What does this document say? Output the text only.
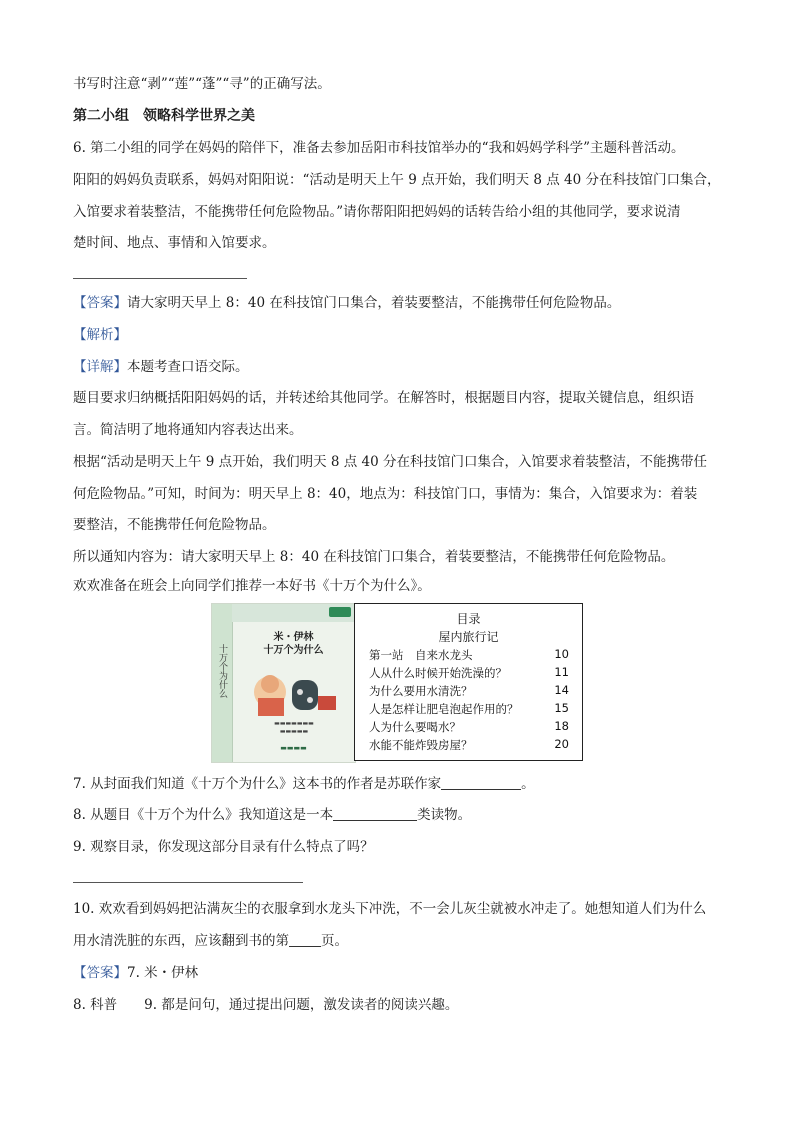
书写时注意“剥”“莲”“蓬”“寻”的正确写法。
第二小组　领略科学世界之美
6. 第二小组的同学在妈妈的陪伴下，准备去参加岳阳市科技馆举办的“我和妈妈学科学”主题科普活动。
阳阳的妈妈负责联系，妈妈对阳阳说：“活动是明天上午 9 点开始，我们明天 8 点 40 分在科技馆门口集合，
入馆要求着装整洁，不能携带任何危险物品。”请你帮阳阳把妈妈的话转告给小组的其他同学，要求说清
楚时间、地点、事情和入馆要求。
【答案】请大家明天早上 8：40 在科技馆门口集合，着装要整洁，不能携带任何危险物品。
【解析】
【详解】本题考查口语交际。
题目要求归纳概括阳阳妈妈的话，并转述给其他同学。在解答时，根据题目内容，提取关键信息，组织语
言。简洁明了地将通知内容表达出来。
根据“活动是明天上午 9 点开始，我们明天 8 点 40 分在科技馆门口集合，入馆要求着装整洁，不能携带任
何危险物品。”可知，时间为：明天早上 8：40，地点为：科技馆门口，事情为：集合，入馆要求为：着装
要整洁，不能携带任何危险物品。
所以通知内容为：请大家明天早上 8：40 在科技馆门口集合，着装要整洁，不能携带任何危险物品。
欢欢准备在班会上向同学们推荐一本好书《十万个为什么》。
十万个为什么
米・伊林
十万个为什么
▬▬▬▬▬▬▬
▬▬▬▬▬
▬▬▬▬
目录
屋内旅行记
第一站　自来水龙头	10
人从什么时候开始洗澡的？	11
为什么要用水清洗？	14
人是怎样让肥皂泡起作用的？	15
人为什么要喝水？	18
水能不能炸毁房屋？	20
7. 从封面我们知道《十万个为什么》这本书的作者是苏联作家	。
8. 从题目《十万个为什么》我知道这是一本	类读物。
9. 观察目录，你发现这部分目录有什么特点了吗？
10. 欢欢看到妈妈把沾满灰尘的衣服拿到水龙头下冲洗，不一会儿灰尘就被水冲走了。她想知道人们为什么
用水清洗脏的东西，应该翻到书的第 页。
【答案】7. 米・伊林
8. 科普　　9. 都是问句，通过提出问题，激发读者的阅读兴趣。
